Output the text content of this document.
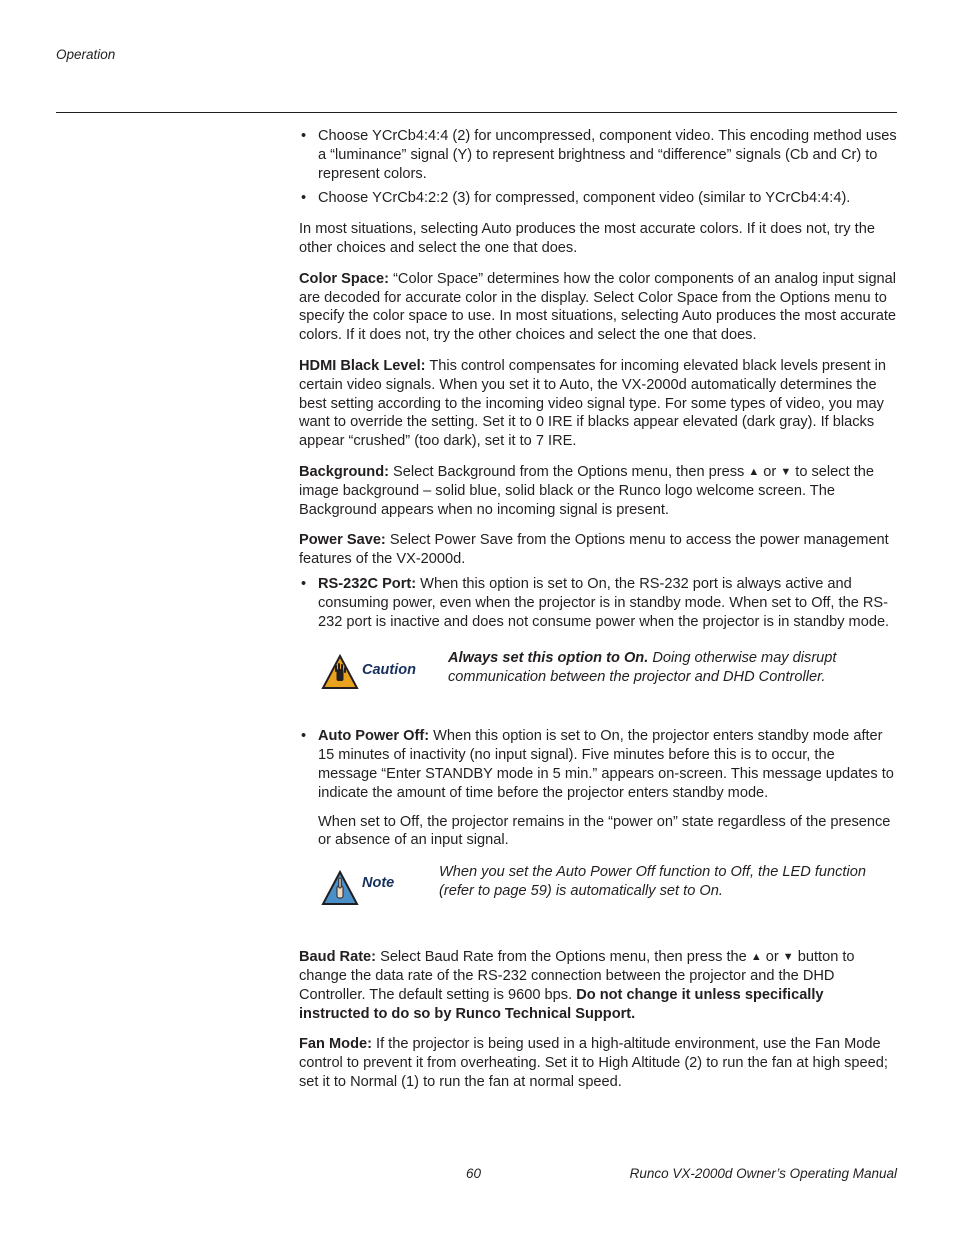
Operation
• Choose YCrCb4:4:4 (2) for uncompressed, component video. This encoding method uses a “luminance” signal (Y) to represent brightness and “difference” signals (Cb and Cr) to represent colors.
• Choose YCrCb4:2:2 (3) for compressed, component video (similar to YCrCb4:4:4).

In most situations, selecting Auto produces the most accurate colors. If it does not, try the other choices and select the one that does.

Color Space: “Color Space” determines how the color components of an analog input signal are decoded for accurate color in the display. Select Color Space from the Options menu to specify the color space to use. In most situations, selecting Auto produces the most accurate colors. If it does not, try the other choices and select the one that does.

HDMI Black Level: This control compensates for incoming elevated black levels present in certain video signals. When you set it to Auto, the VX-2000d automatically determines the best setting according to the incoming video signal type. For some types of video, you may want to override the setting. Set it to 0 IRE if blacks appear elevated (dark gray). If blacks appear “crushed” (too dark), set it to 7 IRE.

Background: Select Background from the Options menu, then press ▲ or ▼ to select the image background – solid blue, solid black or the Runco logo welcome screen. The Background appears when no incoming signal is present.

Power Save: Select Power Save from the Options menu to access the power management features of the VX-2000d.

• RS-232C Port: When this option is set to On, the RS-232 port is always active and consuming power, even when the projector is in standby mode. When set to Off, the RS-232 port is inactive and does not consume power when the projector is in standby mode.
Caution
Always set this option to On. Doing otherwise may disrupt communication between the projector and DHD Controller.
• Auto Power Off: When this option is set to On, the projector enters standby mode after 15 minutes of inactivity (no input signal). Five minutes before this is to occur, the message “Enter STANDBY mode in 5 min.” appears on-screen. This message updates to indicate the amount of time before the projector enters standby mode.

When set to Off, the projector remains in the “power on” state regardless of the presence or absence of an input signal.

Note
When you set the Auto Power Off function to Off, the LED function (refer to page 59) is automatically set to On.

Baud Rate: Select Baud Rate from the Options menu, then press the ▲ or ▼ button to change the data rate of the RS-232 connection between the projector and the DHD Controller. The default setting is 9600 bps. Do not change it unless specifically instructed to do so by Runco Technical Support.

Fan Mode: If the projector is being used in a high-altitude environment, use the Fan Mode control to prevent it from overheating. Set it to High Altitude (2) to run the fan at high speed; set it to Normal (1) to run the fan at normal speed.

60	Runco VX-2000d Owner’s Operating Manual
